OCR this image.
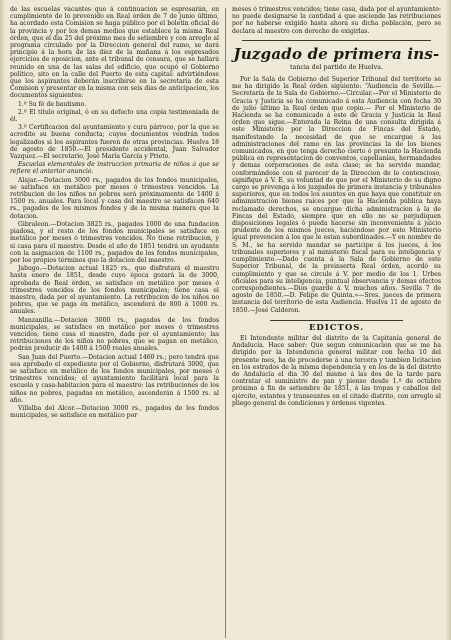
de las escuelas vacantes que á continuacion se espresarán, en cumplimiento de lo prevenido en Real órden de 7 de junio último, ha acordado esta Comision se haga público por el boletin oficial de la provincia y por los demas medios que establece la misma Real órden, que el dia 25 del próximo mes de setiembre y con arreglo al programa circulado por la Direccion general del ramo, se dará principio á la hora de las diez de la mañana á los espresados ejercicios de oposicion, ante el tribunal de censura, que se hallará reunido en una de las salas del edificio, que ocupó el Gobierno político, sito en la calle del Puerto de esta capital: advirtiéndose que los aspirantes deberán inscribirse en la secretaría de esta Comision y presentar en la misma con seis dias de anticipacion, los documentos siguientes:

1.º Su fé de bautismo.

2.º El título original, ó en su defecto una copia testimoniada de él.

3.º Certificacion del ayuntamiento y cura párroco, por la que se acredite su buena conducta; cuyos documentos vendrán todos legalizados si los aspirantes fueren de otras provincias. Huelva 18 de agosto de 1850.—El presidente accidental, Juan Salvador Vazquez.—El secretario, José María García y Prieto.

Escuelas elementales de instruccion primaria de niños á que se refiere el anterior anuncio.

Alajar.—Dotacion 3000 rs., pagados de los fondos municipales, se satisface en metálico por meses ó trimestres vencidos. La retribucion de los niños no pobres será próximamente de 1400 á 1500 rs. anuales. Para local y casa del maestro se satisfacen 640 rs., pagados de los mismos fondos y de la misma manera que la dotacion.

Gibraleon.—Dotacion 3825 rs., pagados 1000 de una fundacion piadosa, y el resto de los fondos municipales se satisface en metálico por meses ó trimestres vencidos. No tiene retribucion, y si casa para el maestro. Desde el año de 1851 tendrá un ayudante con la asignacion de 1100 rs., pagados de los fondos municipales, por los propios términos que la dotacion del maestro.

Jabugo.—Dotacion actual 1825 rs., que disfrutará el maestro hasta enero de 1851, desde cuyo época gozará la de 3000, aprobada de Real órden, se satisface en metálico por meses ó trimestres vencidos de los fondos municipales; tiene casa el maestro, dada por el ayuntamiento. La retribucion de los niños no pobres, que se paga en metálico, ascenderá de 800 á 1000 rs. anuales.

Manzanilla.—Dotacion 3000 rs., pagados de los fondos municipales, se satisface en metálico por meses ó trimestres vencidos; tiene casa el maestro, dada por el ayuntamiento; las retribuciones de los niños no pobres, que se pagan en metálico, podrán producir de 1400 á 1500 reales anuales.

San Juan del Puerto.—Dotacion actual 1460 rs.; pero tendrá que sea aprobado el expediente por el Gobierno, disfrutará 3000, que se satisface en metálico de los fondos municipales, por meses ó trimestres vencidos; el ayuntamiento facilitará local para la escuela y casa-habitacion para el maestro: las retribuciones de los niños no pobres, pagadas en metálico, ascenderán á 1500 rs. al año.

Villalba del Alcor.—Dotacion 3000 rs., pagados de los fondos municipales, se satisface en metálico por

meses ó trimestres vencidos; tiene casa, dada por el ayuntamiento: no puede designarse la cantidad á que asciende las retribuciones por no haberse exigido hasta ahora su dicha población, pero se declara al maestro con derecho de exigirlas.

Juzgado de primera ins-
tancia del partido de Huelva.

Por la Sala de Gobierno del Superior Tribunal del territorio se me ha dirigido la Real órden siguiente: “Audiencia de Sevilla.—Secretaría de la Sala de Gobierno.—Circular.—Por el Ministerio de Gracia y Justicia se ha comunicado á esta Audiencia con fecha 30 de julio último la Real órden que copio.— Por el Ministerio de Hacienda se ha comunicado á este de Gracia y Justicia la Real órden que sigue.—Enterada la Reina de una consulta dirigida á este Ministerio por la Direccion de Fincas del Estado, manifestando la necesidad de que se encargue á las administraciones del ramo en las provincias la de los bienes comunicados, en que tenga derecho cierto ó presunto la Hacienda pública en representacion de conventos, capellanías, hermandades y demas corporaciones de esta clase; se ha servido mandar, conformándose con el parecer de la Direccion de lo contencioso, signifique á V. E. su voluntad de que por el Ministerio de su digno cargo se prevenga á los juzgados de primera instancia y tribunales superiores, que en todos los asuntos en que haya que constituir en administracion bienes raíces por que la Hacienda pública haya reclamado derechos, se encargue dicha administracion á la de Fincas del Estado, siempre que en ello no se perjudiquen disposiciones legales ó pueda hacerse sin inconveniente á juicio prudente de los mismos jueces, haciéndose por este Ministerio igual prevencion á los que le estan subordinados.—Y en nombre de S. M., se ha servido mandar se participe á los jueces, á los tribunales superiores y al ministerio fiscal para su inteligencia y cumplimiento.—Dado cuenta á la Sala de Gobierno de este Superior Tribunal, de la preinserta Real órden, acordó su cumplimiento y que se circule á V. por medio de los 1. Urbes oficiales para su inteligencia, puntual observancia y demas efectos correspondientes.—Dios guarde á V. muchos años. Sevilla 7 de agosto de 1850.—D. Felipe de Quinta.»—Sres. jueces de primera instancia del territorio de esta Audiencia. Huelva 11 de agosto de 1850.—José Calderon.

EDICTOS.

El Intendente militar del distrito de la Capitanía general de Andalucía. Hace saber: Que segun comunicacion que se me ha dirigido por la Intendencia general militar con fecha 10 del presente mes, ha de procederse á una tercera y tambien licitacion en los estrados de la misma dependencia y en los de la del distrito de Andalucía el dia 30 del mismo á las dos de la tarde para contratar el suministro de pan y pienso desde 1.º de octubre próximo á fin de setiembre de 1851, á las tropas y caballos del ejército, estantes y transeuntes en el citado distrito, con arreglo al pliego general de condiciones y órdenes vigentes.
